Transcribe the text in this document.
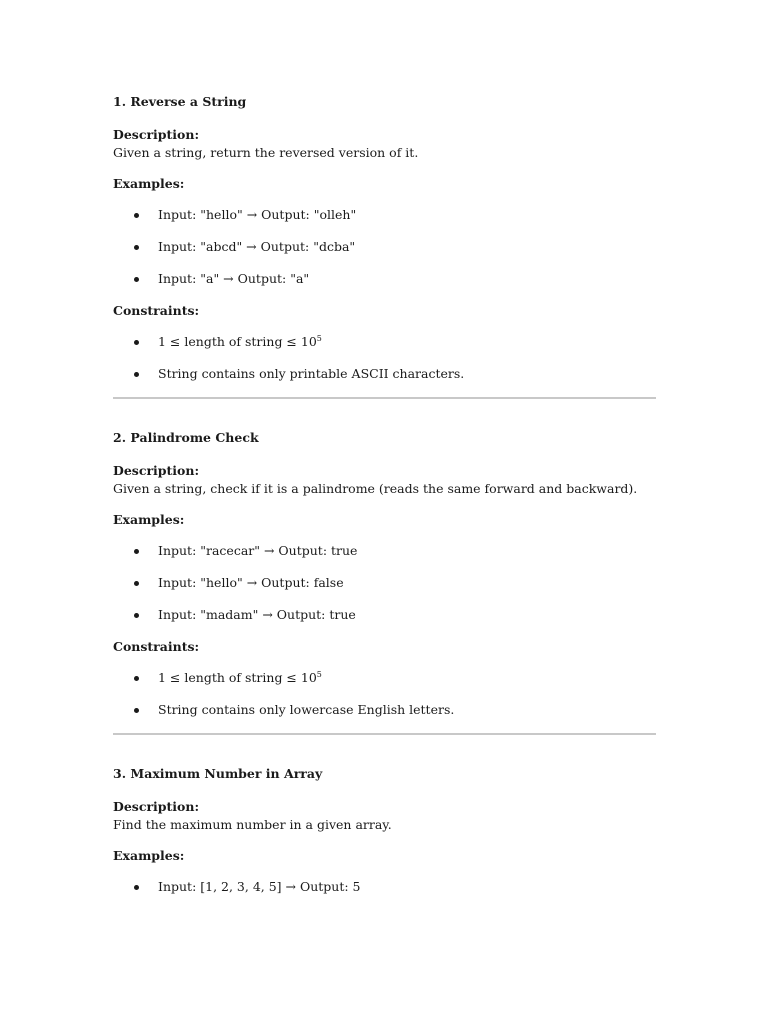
1. Reverse a String

Description:

Given a string, return the reversed version of it.

Examples:

Input: "hello" → Output: "olleh"
Input: "abcd" → Output: "dcba"
Input: "a" → Output: "a"

Constraints:

1 ≤ length of string ≤ $10^5$
String contains only printable ASCII characters.

2. Palindrome Check

Description:

Given a string, check if it is a palindrome (reads the same forward and backward).

Examples:

Input: "racecar" → Output: true
Input: "hello" → Output: false
Input: "madam" → Output: true

Constraints:

1 ≤ length of string ≤ $10^5$
String contains only lowercase English letters.

3. Maximum Number in Array

Description:

Find the maximum number in a given array.

Examples:

Input: [1, 2, 3, 4, 5] → Output: 5
